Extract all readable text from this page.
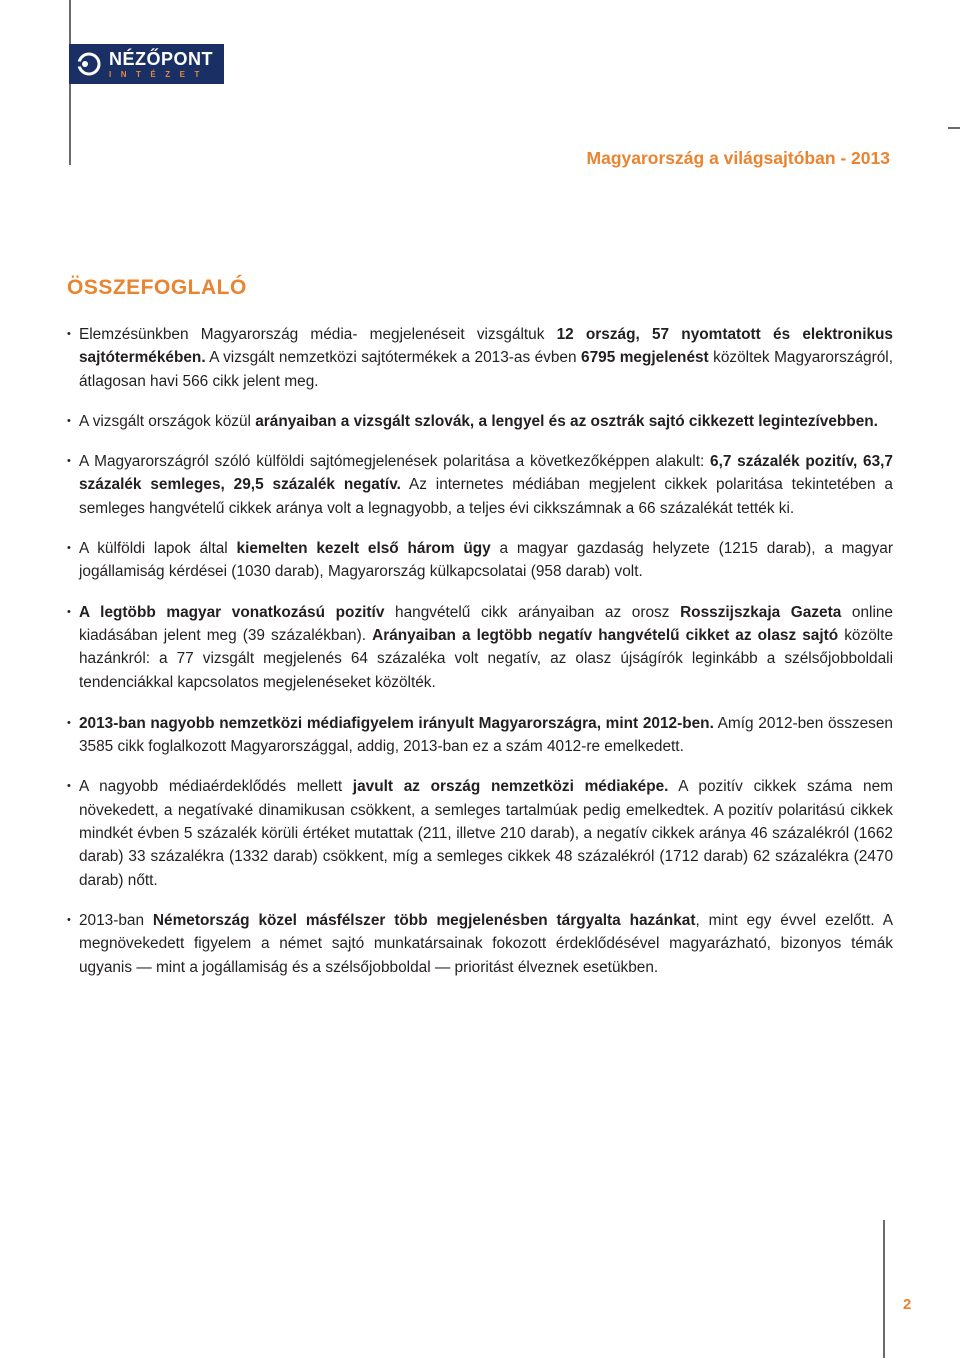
NÉZŐPONT
INTÉZET
Magyarország a világsajtóban - 2013
ÖSSZEFOGLALÓ
• Elemzésünkben Magyarország média- megjelenéseit vizsgáltuk 12 ország, 57 nyomtatott és elektronikus sajtótermékében. A vizsgált nemzetközi sajtótermékek a 2013-as évben 6795 megjelenést közöltek Magyarországról, átlagosan havi 566 cikk jelent meg.
• A vizsgált országok közül arányaiban a vizsgált szlovák, a lengyel és az osztrák sajtó cikkezett legintezívebben.
• A Magyarországról szóló külföldi sajtómegjelenések polaritása a következőképpen alakult: 6,7 százalék pozitív, 63,7 százalék semleges, 29,5 százalék negatív. Az internetes médiában megjelent cikkek polaritása tekintetében a semleges hangvételű cikkek aránya volt a legnagyobb, a teljes évi cikkszámnak a 66 százalékát tették ki.
• A külföldi lapok által kiemelten kezelt első három ügy a magyar gazdaság helyzete (1215 darab), a magyar jogállamiság kérdései (1030 darab), Magyarország külkapcsolatai (958 darab) volt.
• A legtöbb magyar vonatkozású pozitív hangvételű cikk arányaiban az orosz Rosszijszkaja Gazeta online kiadásában jelent meg (39 százalékban). Arányaiban a legtöbb negatív hangvételű cikket az olasz sajtó közölte hazánkról: a 77 vizsgált megjelenés 64 százaléka volt negatív, az olasz újságírók leginkább a szélsőjobboldali tendenciákkal kapcsolatos megjelenéseket közölték.
• 2013-ban nagyobb nemzetközi médiafigyelem irányult Magyarországra, mint 2012-ben. Amíg 2012-ben összesen 3585 cikk foglalkozott Magyarországgal, addig, 2013-ban ez a szám 4012-re emelkedett.
• A nagyobb médiaérdeklődés mellett javult az ország nemzetközi médiaképe. A pozitív cikkek száma nem növekedett, a negatívaké dinamikusan csökkent, a semleges tartalmúak pedig emelkedtek. A pozitív polaritású cikkek mindkét évben 5 százalék körüli értéket mutattak (211, illetve 210 darab), a negatív cikkek aránya 46 százalékról (1662 darab) 33 százalékra (1332 darab) csökkent, míg a semleges cikkek 48 százalékról (1712 darab) 62 százalékra (2470 darab) nőtt.
• 2013-ban Németország közel másfélszer több megjelenésben tárgyalta hazánkat, mint egy évvel ezelőtt. A megnövekedett figyelem a német sajtó munkatársainak fokozott érdeklődésével magyarázható, bizonyos témák ugyanis — mint a jogállamiság és a szélsőjobboldal — prioritást élveznek esetükben.
2
